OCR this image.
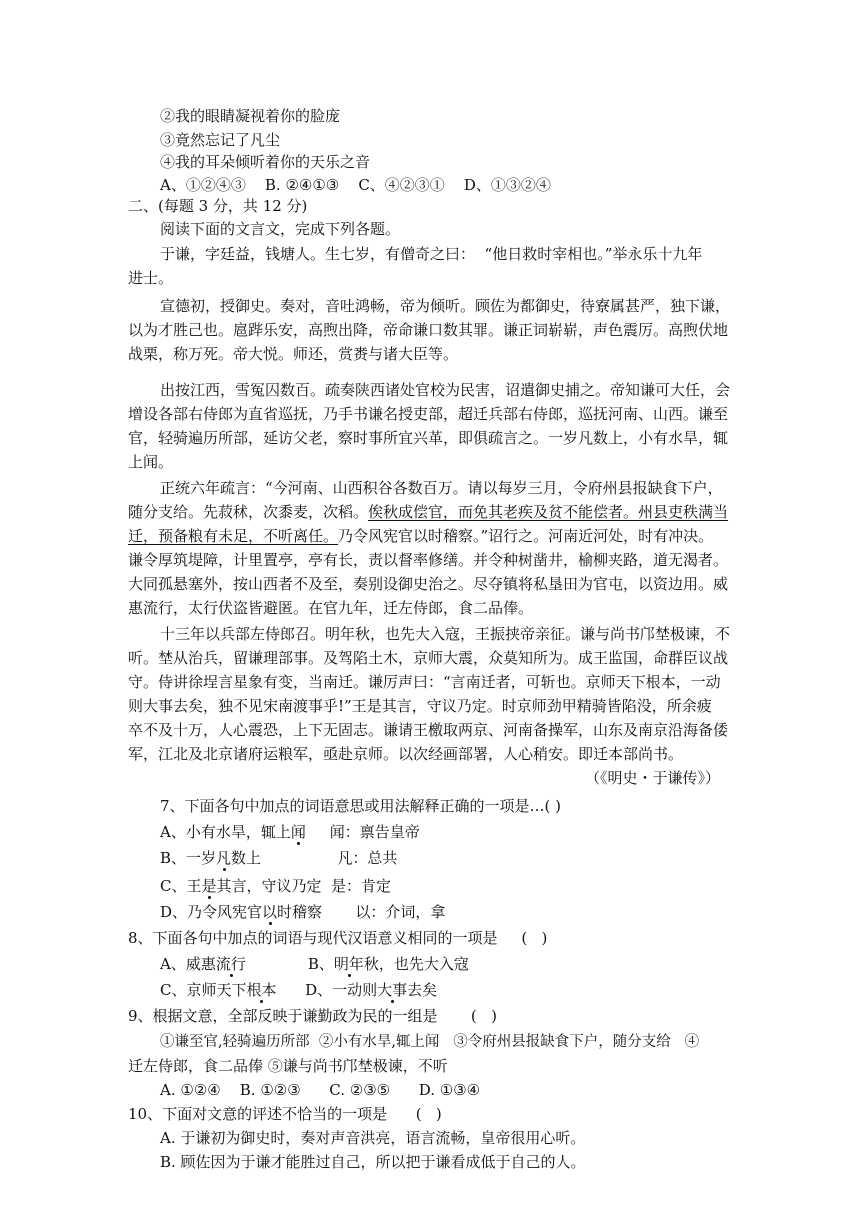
②我的眼睛凝视着你的脸庞
③竟然忘记了凡尘
④我的耳朵倾听着你的天乐之音
A、①②④③    B. ②④①③    C、④②③①    D、①③②④
二、(每题 3 分，共 12 分)
阅读下面的文言文，完成下列各题。
于谦，字廷益，钱塘人。生七岁，有僧奇之曰：  “他日救时宰相也。”举永乐十九年
进士。
宣德初，授御史。奏对，音吐鸿畅，帝为倾听。顾佐为都御史，待寮属甚严，独下谦，
以为才胜己也。扈跸乐安，高煦出降，帝命谦口数其罪。谦正词崭崭，声色震厉。高煦伏地
战栗，称万死。帝大悦。师还，赏赉与诸大臣等。
出按江西，雪冤囚数百。疏奏陕西诸处官校为民害，诏遣御史捕之。帝知谦可大任，会
增设各部右侍郎为直省巡抚，乃手书谦名授吏部，超迁兵部右侍郎，巡抚河南、山西。谦至
官，轻骑遍历所部，延访父老，察时事所宜兴革，即俱疏言之。一岁凡数上，小有水旱，辄
上闻。
正统六年疏言：“今河南、山西积谷各数百万。请以每岁三月，令府州县报缺食下户，
随分支给。先菽秫，次黍麦，次稻。俟秋成偿官，而免其老疾及贫不能偿者。州县吏秩满当
迁，预备粮有未足，不听离任。乃令风宪官以时稽察。”诏行之。河南近河处，时有冲决。
谦令厚筑堤障，计里置亭，亭有长，责以督率修缮。并令种树凿井，榆柳夹路，道无渴者。
大同孤悬塞外，按山西者不及至，奏别设御史治之。尽夺镇将私垦田为官屯，以资边用。威
惠流行，太行伏盗皆避匿。在官九年，迁左侍郎，食二品俸。
十三年以兵部左侍郎召。明年秋，也先大入寇，王振挟帝亲征。谦与尚书邝埜极谏，不
听。埜从治兵，留谦理部事。及驾陷土木，京师大震，众莫知所为。成王监国，命群臣议战
守。侍讲徐埕言星象有变，当南迁。谦厉声曰：“言南迁者，可斩也。京师天下根本，一动
则大事去矣，独不见宋南渡事乎!”王是其言，守议乃定。时京师劲甲精骑皆陷没，所余疲
卒不及十万，人心震恐，上下无固志。谦请王檄取两京、河南备操军，山东及南京沿海备倭
军，江北及北京诸府运粮军，亟赴京师。以次经画部署，人心稍安。即迁本部尚书。
（《明史・于谦传》）
7、下面各句中加点的词语意思或用法解释正确的一项是…( )
A、小有水旱，辄上闻     闻：禀告皇帝
B、一岁凡数上                凡：总共
C、王是其言，守议乃定  是：肯定
D、乃令风宪官以时稽察       以：介词，拿
8、下面各句中加点的词语与现代汉语意义相同的一项是     (   )
A、威惠流行             B、明年秋，也先大入寇
C、京师天下根本      D、一动则大事去矣
9、根据文意，全部反映于谦勤政为民的一组是       (   )
①谦至官,轻骑遍历所部  ②小有水旱,辄上闻   ③令府州县报缺食下户，随分支给   ④
迁左侍郎，食二品俸 ⑤谦与尚书邝埜极谏，不听
A. ①②④    B. ①②③      C. ②③⑤      D. ①③④
10、下面对文意的评述不恰当的一项是      (   )
A. 于谦初为御史时，奏对声音洪亮，语言流畅，皇帝很用心听。
B. 顾佐因为于谦才能胜过自己，所以把于谦看成低于自己的人。
